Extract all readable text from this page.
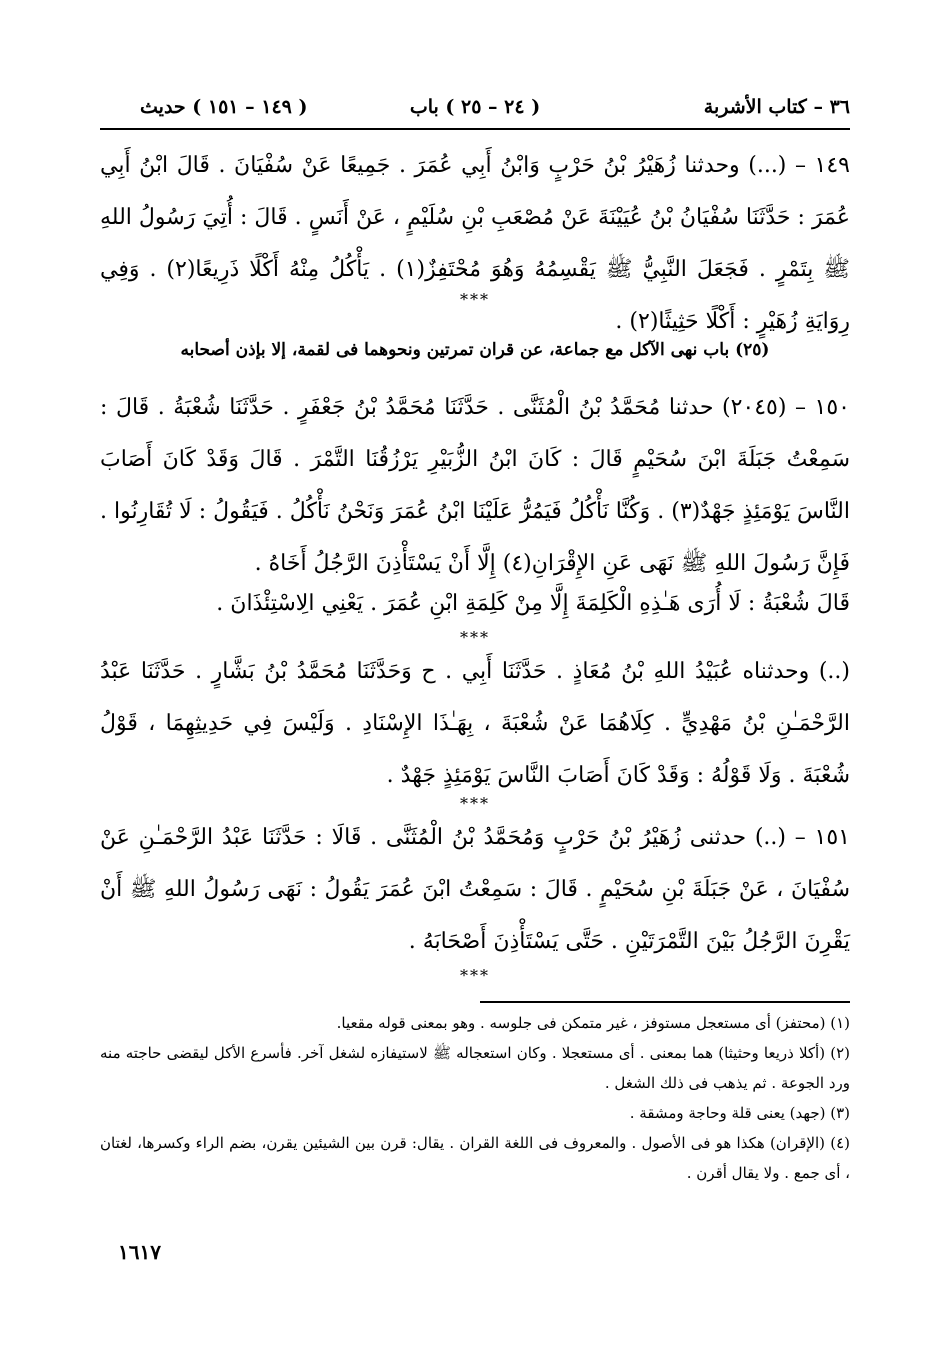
٣٦ – كتاب الأشربة
( ٢٤ – ٢٥ ) باب
( ١٤٩ – ١٥١ ) حديث
١٤٩ – (...) وحدثنا زُهَيْرُ بْنُ حَرْبٍ وَابْنُ أَبِي عُمَرَ . جَمِيعًا عَنْ سُفْيَانَ . قَالَ ابْنُ أَبِي عُمَرَ : حَدَّثَنَا سُفْيَانُ بْنُ عُيَيْنَةَ عَنْ مُصْعَبِ بْنِ سُلَيْمٍ ، عَنْ أَنَسٍ . قَالَ : أُتِيَ رَسُولُ اللهِ ﷺ بِتَمْرٍ . فَجَعَلَ النَّبِيُّ ﷺ يَقْسِمُهُ وَهُوَ مُحْتَفِزٌ(١) . يَأْكُلُ مِنْهُ أَكْلًا ذَرِيعًا(٢) . وَفِي رِوَايَةِ زُهَيْرٍ : أَكْلًا حَثِيثًا(٢) .
***
(٢٥) باب نهى الآكل مع جماعة، عن قران تمرتين ونحوهما فى لقمة، إلا بإذن أصحابه
١٥٠ – (٢٠٤٥) حدثنا مُحَمَّدُ بْنُ الْمُثَنَّى . حَدَّثَنَا مُحَمَّدُ بْنُ جَعْفَرٍ . حَدَّثَنَا شُعْبَةُ . قَالَ : سَمِعْتُ جَبَلَةَ ابْنَ سُحَيْمٍ قَالَ : كَانَ ابْنُ الزُّبَيْرِ يَرْزُقُنَا التَّمْرَ . قَالَ وَقَدْ كَانَ أَصَابَ النَّاسَ يَوْمَئِذٍ جَهْدٌ(٣) . وَكُنَّا نَأْكُلُ فَيَمُرُّ عَلَيْنَا ابْنُ عُمَرَ وَنَحْنُ نَأْكُلُ . فَيَقُولُ : لَا تُقَارِنُوا . فَإِنَّ رَسُولَ اللهِ ﷺ نَهَى عَنِ الإِقْرَانِ(٤) إِلَّا أَنْ يَسْتَأْذِنَ الرَّجُلُ أَخَاهُ .
قَالَ شُعْبَةُ : لَا أُرَى هَـٰذِهِ الْكَلِمَةَ إِلَّا مِنْ كَلِمَةِ ابْنِ عُمَرَ . يَعْنِي الِاسْتِئْذَانَ .
***
(..) وحدثناه عُبَيْدُ اللهِ بْنُ مُعَاذٍ . حَدَّثَنَا أَبِي . ح وَحَدَّثَنَا مُحَمَّدُ بْنُ بَشَّارٍ . حَدَّثَنَا عَبْدُ الرَّحْمَـٰنِ بْنُ مَهْدِيٍّ . كِلَاهُمَا عَنْ شُعْبَةَ ، بِهَـٰذَا الإِسْنَادِ . وَلَيْسَ فِي حَدِيثِهِمَا ، قَوْلُ شُعْبَةَ . وَلَا قَوْلُهُ : وَقَدْ كَانَ أَصَابَ النَّاسَ يَوْمَئِذٍ جَهْدٌ .
***
١٥١ – (..) حدثنى زُهَيْرُ بْنُ حَرْبٍ وَمُحَمَّدُ بْنُ الْمُثَنَّى . قَالَا : حَدَّثَنَا عَبْدُ الرَّحْمَـٰنِ عَنْ سُفْيَانَ ، عَنْ جَبَلَةَ بْنِ سُحَيْمٍ . قَالَ : سَمِعْتُ ابْنَ عُمَرَ يَقُولُ : نَهَى رَسُولُ اللهِ ﷺ أَنْ يَقْرِنَ الرَّجُلُ بَيْنَ التَّمْرَتَيْنِ . حَتَّى يَسْتَأْذِنَ أَصْحَابَهُ .
***

(١) (محتفز) أى مستعجل مستوفز ، غير متمكن فى جلوسه . وهو بمعنى قوله مقعيا.

(٢) (أكلا ذريعا وحثيثا) هما بمعنى . أى مستعجلا . وكان استعجاله ﷺ لاستيفازه لشغل آخر. فأسرع الأكل ليقضى حاجته منه ورد الجوعة . ثم يذهب فى ذلك الشغل .

(٣) (جهد) يعنى قلة وحاجة ومشقة .

(٤) (الإقران) هكذا هو فى الأصول . والمعروف فى اللغة القران . يقال: قرن بين الشيئين يقرن، بضم الراء وكسرها، لغتان ، أى جمع . ولا يقال أقرن .

١٦١٧
